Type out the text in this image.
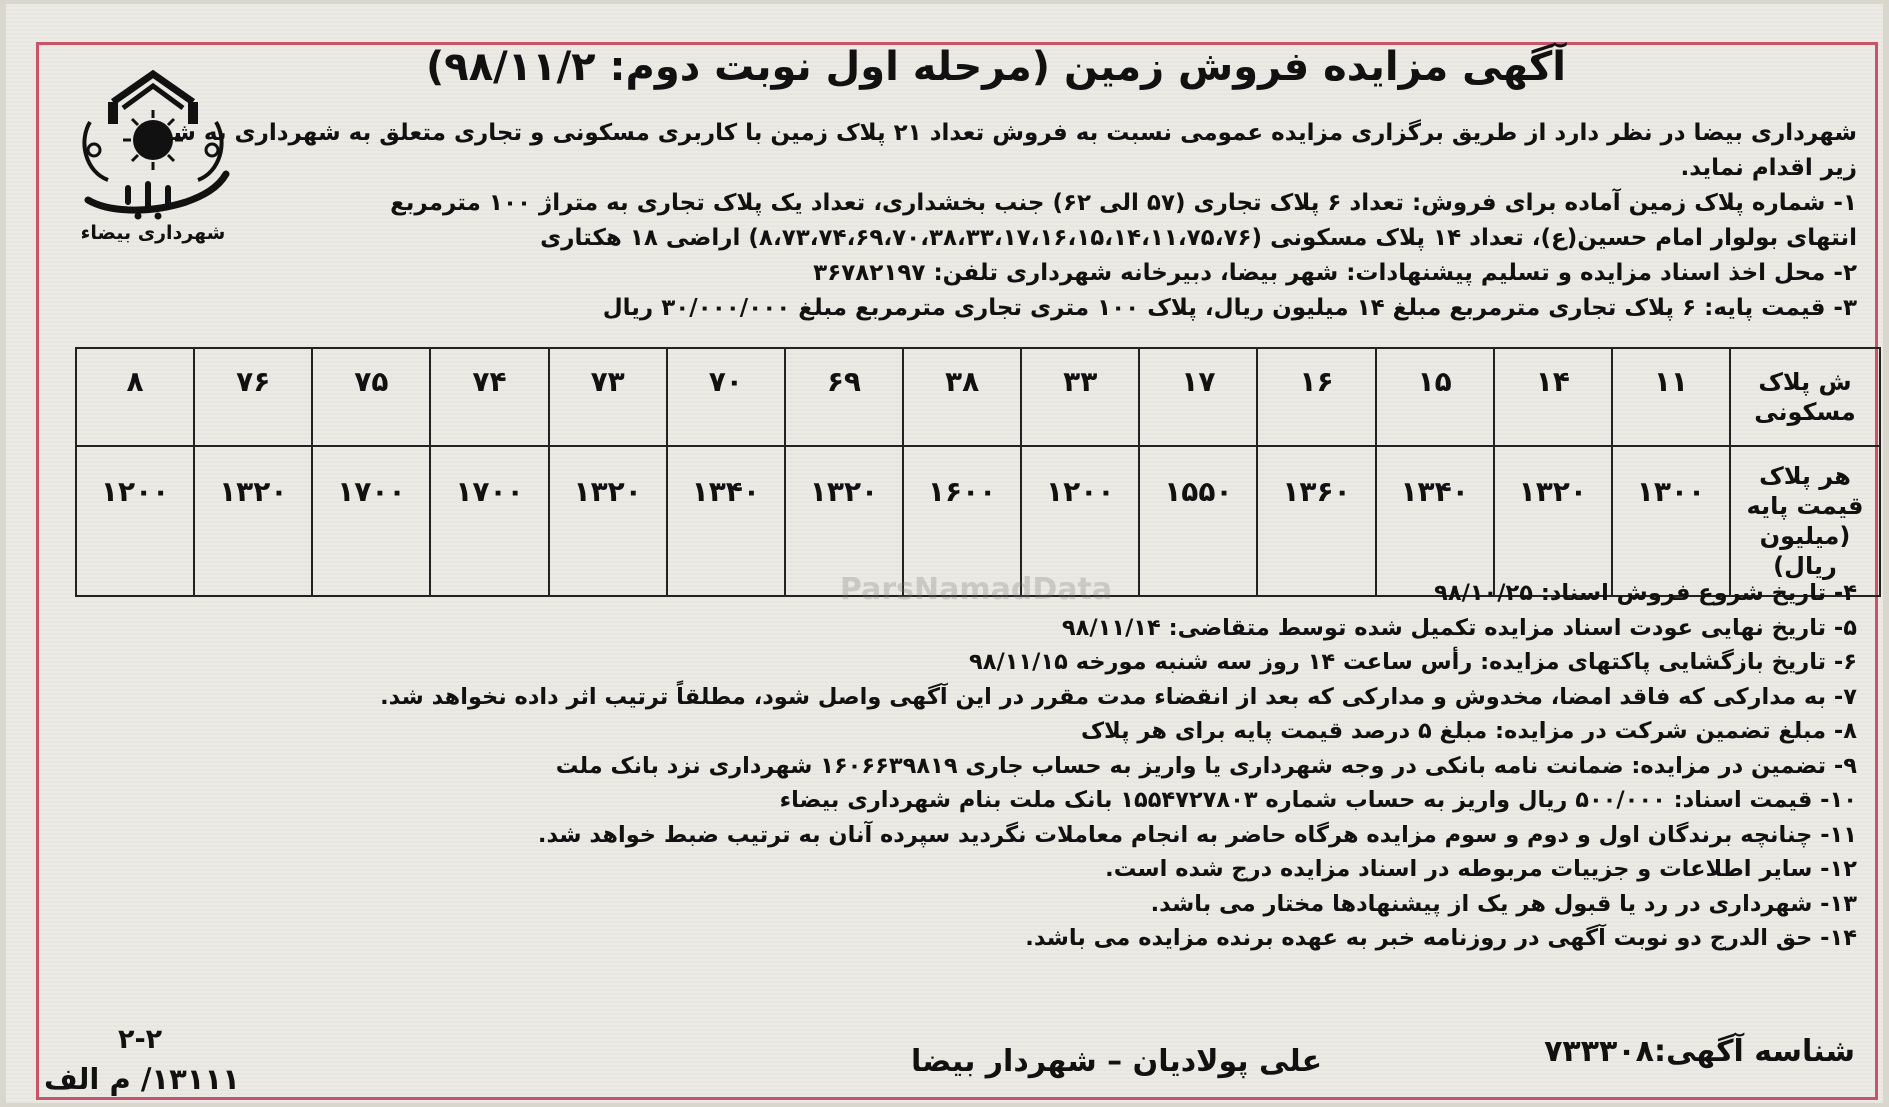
شهرداری بیضاء
آگهی مزایده فروش زمین (مرحله اول نوبت دوم: ۹۸/۱۱/۲)

شهرداری بیضا در نظر دارد از طریق برگزاری مزایده عمومی نسبت به فروش تعداد ۲۱ پلاک زمین با کاربری مسکونی و تجاری متعلق به شهرداری به شرح

زیر اقدام نماید.

۱- شماره پلاک زمین آماده برای فروش: تعداد ۶ پلاک تجاری (۵۷ الی ۶۲) جنب بخشداری، تعداد یک پلاک تجاری به متراژ ۱۰۰ مترمربع

انتهای بولوار امام حسین(ع)، تعداد ۱۴ پلاک مسکونی (۸،۷۳،۷۴،۶۹،۷۰،۳۸،۳۳،۱۷،۱۶،۱۵،۱۴،۱۱،۷۵،۷۶) اراضی ۱۸ هکتاری

۲- محل اخذ اسناد مزایده و تسلیم پیشنهادات: شهر بیضا، دبیرخانه شهرداری تلفن: ۳۶۷۸۲۱۹۷

۳- قیمت پایه: ۶ پلاک تجاری مترمربع مبلغ ۱۴ میلیون ریال، پلاک ۱۰۰ متری تجاری مترمربع مبلغ ۳۰/۰۰۰/۰۰۰ ریال

ش پلاک مسکونی	۱۱	۱۴	۱۵	۱۶	۱۷	۳۳	۳۸	۶۹	۷۰	۷۳	۷۴	۷۵	۷۶	۸
هر پلاک قیمت پایه (میلیون ریال)	۱۳۰۰	۱۳۲۰	۱۳۴۰	۱۳۶۰	۱۵۵۰	۱۲۰۰	۱۶۰۰	۱۳۲۰	۱۳۴۰	۱۳۲۰	۱۷۰۰	۱۷۰۰	۱۳۲۰	۱۲۰۰
ParsNamadData	۴- تاریخ شروع فروش اسناد: ۹۸/۱۰/۲۵

۵- تاریخ نهایی عودت اسناد مزایده تکمیل شده توسط متقاضی: ۹۸/۱۱/۱۴

۶- تاریخ بازگشایی پاکتهای مزایده: رأس ساعت ۱۴ روز سه شنبه مورخه ۹۸/۱۱/۱۵

۷- به مدارکی که فاقد امضا، مخدوش و مدارکی که بعد از انقضاء مدت مقرر در این آگهی واصل شود، مطلقاً ترتیب اثر داده نخواهد شد.

۸- مبلغ تضمین شرکت در مزایده: مبلغ ۵ درصد قیمت پایه برای هر پلاک

۹- تضمین در مزایده: ضمانت نامه بانکی در وجه شهرداری یا واریز به حساب جاری ۱۶۰۶۶۳۹۸۱۹ شهرداری نزد بانک ملت

۱۰- قیمت اسناد: ۵۰۰/۰۰۰ ریال واریز به حساب شماره ۱۵۵۴۷۲۷۸۰۳ بانک ملت بنام شهرداری بیضاء

۱۱- چنانچه برندگان اول و دوم و سوم مزایده هرگاه حاضر به انجام معاملات نگردید سپرده آنان به ترتیب ضبط خواهد شد.

۱۲- سایر اطلاعات و جزییات مربوطه در اسناد مزایده درج شده است.

۱۳- شهرداری در رد یا قبول هر یک از پیشنهادها مختار می باشد.

۱۴- حق الدرج دو نوبت آگهی در روزنامه خبر به عهده برنده مزایده می باشد.

شناسه آگهی:۷۳۳۳۰۸
علی پولادیان – شهردار بیضا
۲-۲
۱۳۱۱۱/ م الف
